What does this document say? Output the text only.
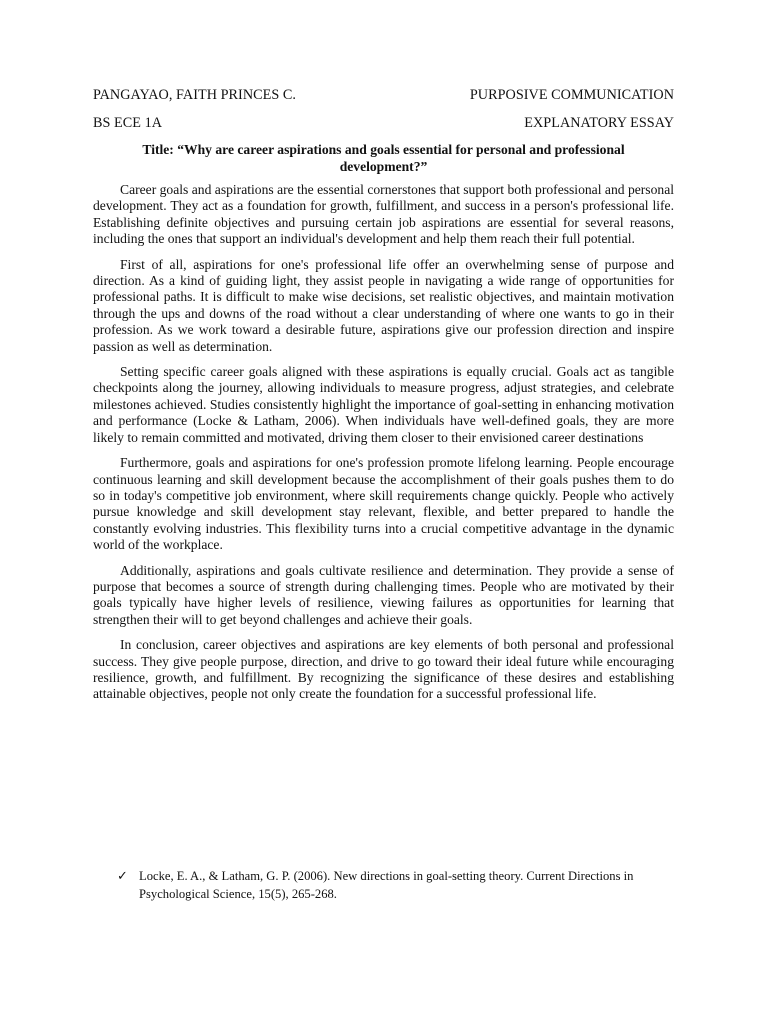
PANGAYAO, FAITH PRINCES C.	PURPOSIVE COMMUNICATION
BS ECE 1A	EXPLANATORY ESSAY
Title: “Why are career aspirations and goals essential for personal and professional development?”

Career goals and aspirations are the essential cornerstones that support both professional and personal development. They act as a foundation for growth, fulfillment, and success in a person's professional life. Establishing definite objectives and pursuing certain job aspirations are essential for several reasons, including the ones that support an individual's development and help them reach their full potential.

First of all, aspirations for one's professional life offer an overwhelming sense of purpose and direction. As a kind of guiding light, they assist people in navigating a wide range of opportunities for professional paths. It is difficult to make wise decisions, set realistic objectives, and maintain motivation through the ups and downs of the road without a clear understanding of where one wants to go in their profession. As we work toward a desirable future, aspirations give our profession direction and inspire passion as well as determination.

Setting specific career goals aligned with these aspirations is equally crucial. Goals act as tangible checkpoints along the journey, allowing individuals to measure progress, adjust strategies, and celebrate milestones achieved. Studies consistently highlight the importance of goal-setting in enhancing motivation and performance (Locke & Latham, 2006). When individuals have well-defined goals, they are more likely to remain committed and motivated, driving them closer to their envisioned career destinations

Furthermore, goals and aspirations for one's profession promote lifelong learning. People encourage continuous learning and skill development because the accomplishment of their goals pushes them to do so in today's competitive job environment, where skill requirements change quickly. People who actively pursue knowledge and skill development stay relevant, flexible, and better prepared to handle the constantly evolving industries. This flexibility turns into a crucial competitive advantage in the dynamic world of the workplace.

Additionally, aspirations and goals cultivate resilience and determination. They provide a sense of purpose that becomes a source of strength during challenging times. People who are motivated by their goals typically have higher levels of resilience, viewing failures as opportunities for learning that strengthen their will to get beyond challenges and achieve their goals.

In conclusion, career objectives and aspirations are key elements of both personal and professional success. They give people purpose, direction, and drive to go toward their ideal future while encouraging resilience, growth, and fulfillment. By recognizing the significance of these desires and establishing attainable objectives, people not only create the foundation for a successful professional life.

✓ Locke, E. A., & Latham, G. P. (2006). New directions in goal-setting theory. Current Directions in Psychological Science, 15(5), 265-268.
